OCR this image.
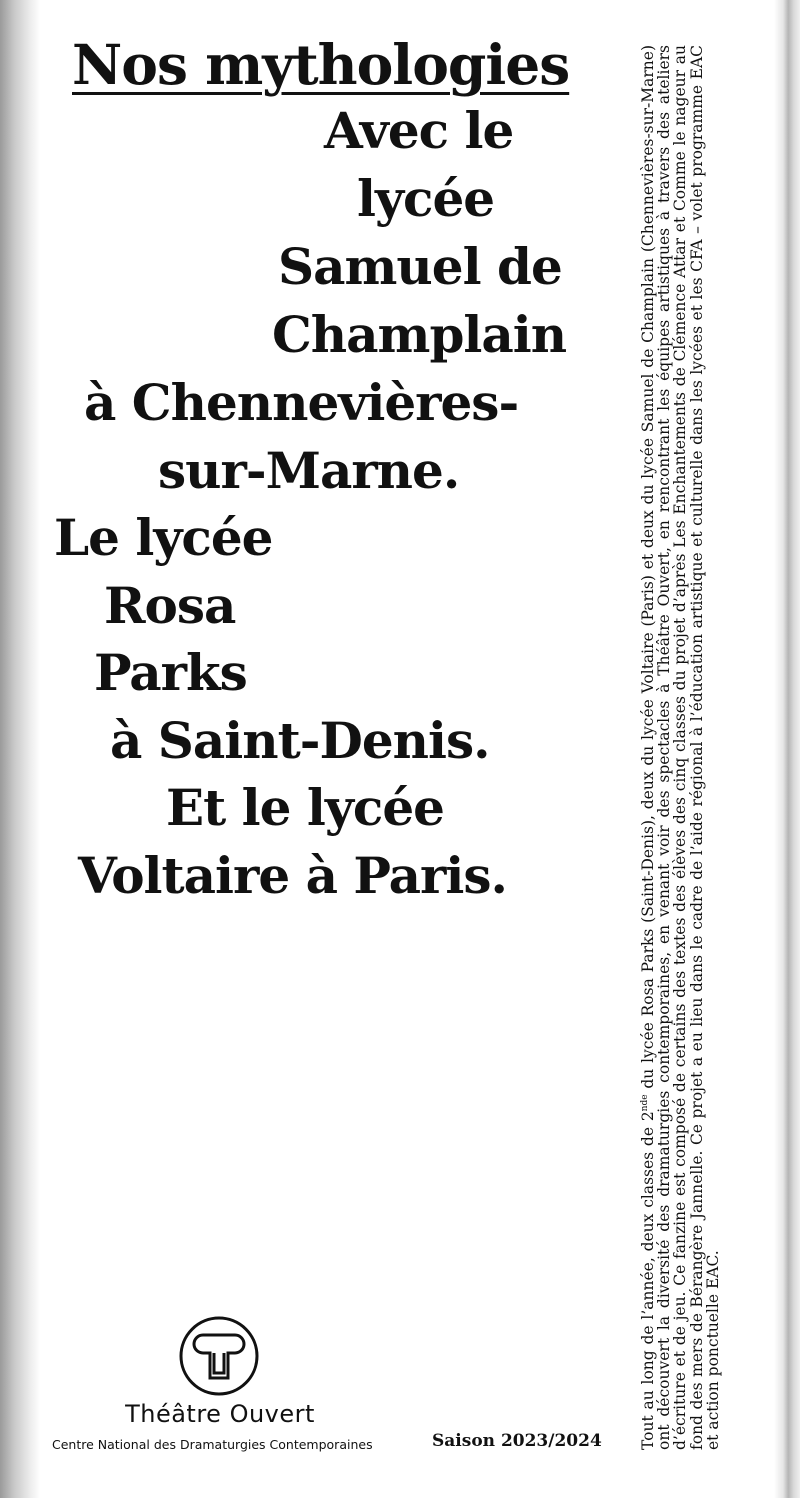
Nos mythologies
Avec le
lycée
Samuel de
Champlain
à Chennevières-
sur-Marne.
Le lycée
Rosa
Parks
à Saint-Denis.
Et le lycée
Voltaire à Paris.

Tout au long de l’année, deux classes de 2nde du lycée Rosa Parks (Saint-Denis), deux du lycée Voltaire (Paris) et deux du lycée Samuel de Champlain (Chennevières-sur-Marne) ont découvert la diversité des dramaturgies contemporaines, en venant voir des spectacles à Théâtre Ouvert, en rencontrant les équipes artistiques à travers des ateliers d’écriture et de jeu. Ce fanzine est composé de certains des textes des élèves des cinq classes du projet d’après Les Enchantements de Clémence Attar et Comme le nageur au fond des mers de Bérangère Jannelle. Ce projet a eu lieu dans le cadre de l’aide régional à l’éducation artistique et culturelle dans les lycées et les CFA – volet programme EAC et action ponctuelle EAC.

Théâtre Ouvert
Centre National des Dramaturgies Contemporaines	Saison 2023/2024
